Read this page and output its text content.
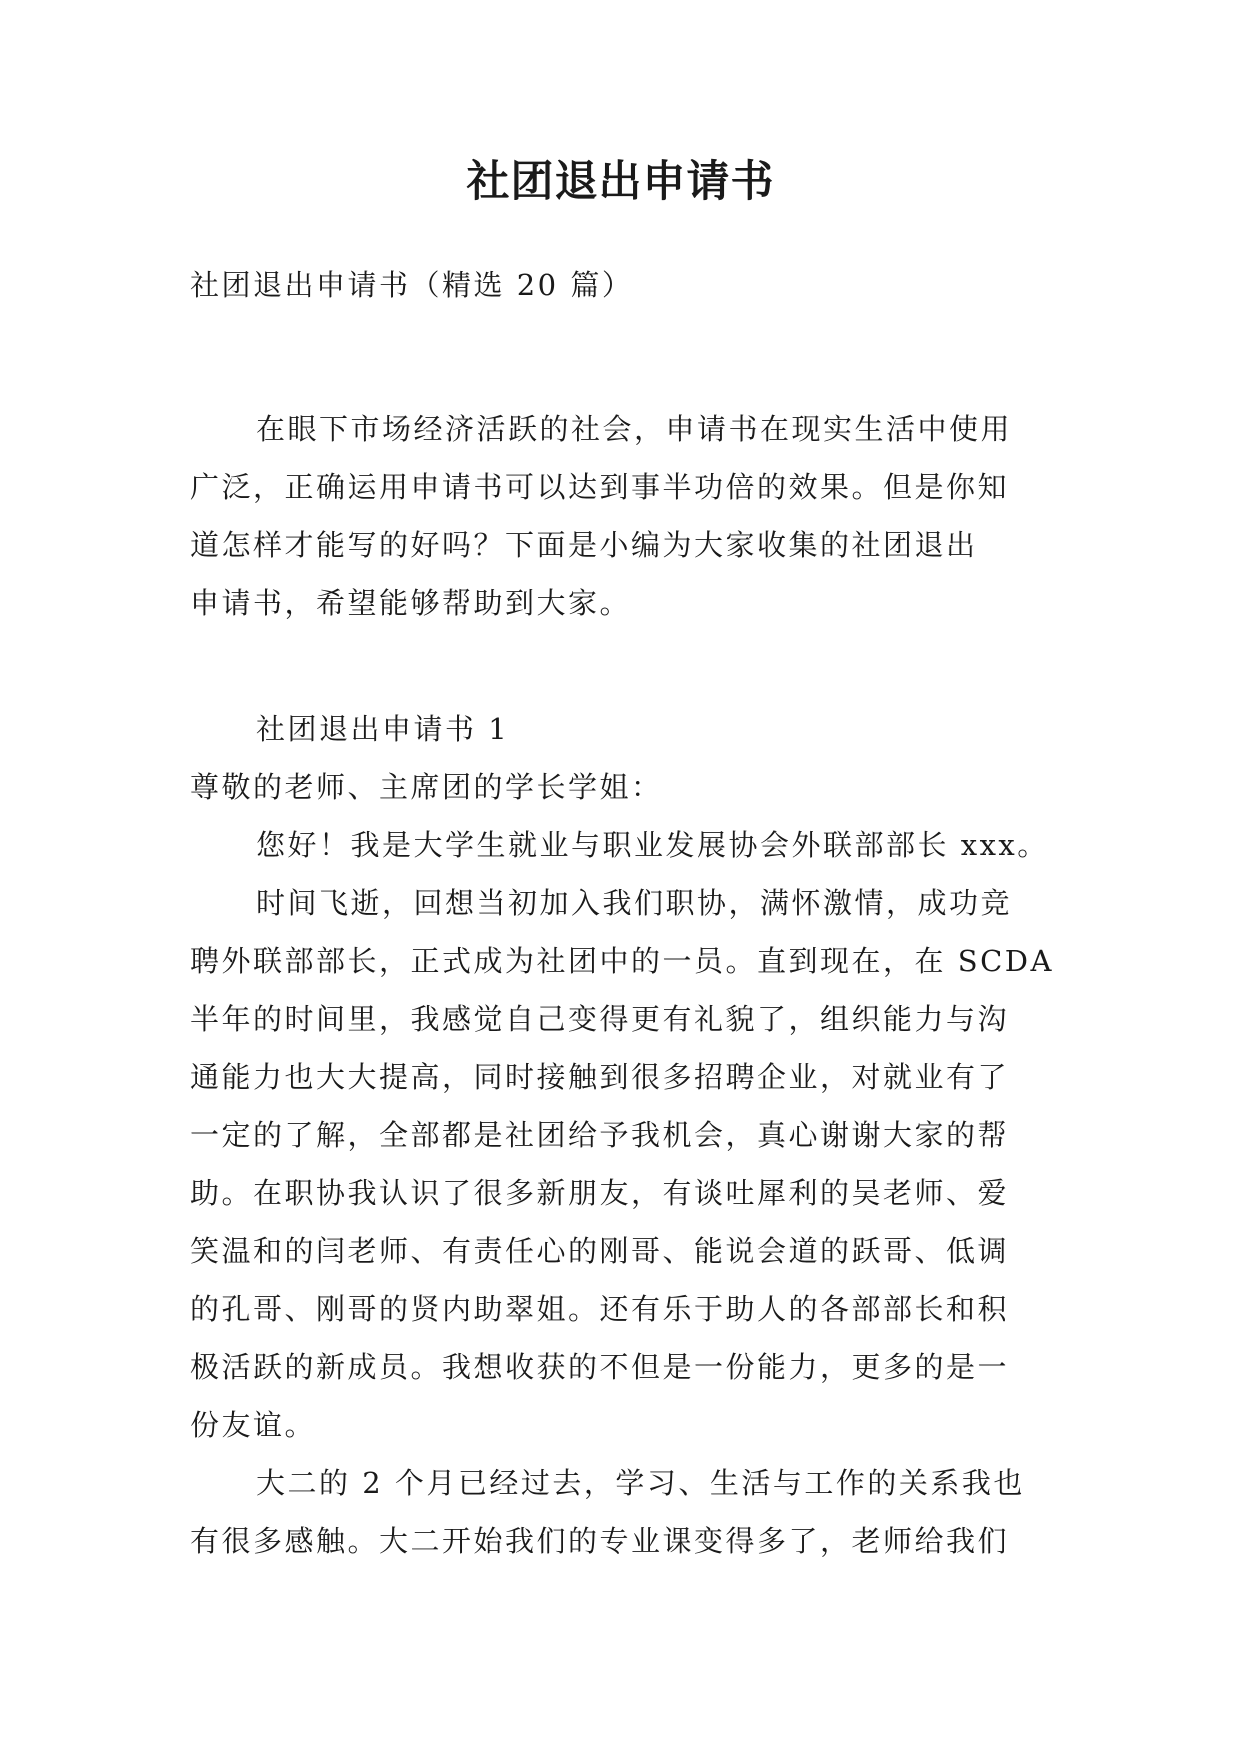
社团退出申请书
社团退出申请书（精选 20 篇）
在眼下市场经济活跃的社会，申请书在现实生活中使用
广泛，正确运用申请书可以达到事半功倍的效果。但是你知
道怎样才能写的好吗？下面是小编为大家收集的社团退出
申请书，希望能够帮助到大家。
社团退出申请书 1
尊敬的老师、主席团的学长学姐：
您好！我是大学生就业与职业发展协会外联部部长 xxx。
时间飞逝，回想当初加入我们职协，满怀激情，成功竞
聘外联部部长，正式成为社团中的一员。直到现在，在 SCDA
半年的时间里，我感觉自己变得更有礼貌了，组织能力与沟
通能力也大大提高，同时接触到很多招聘企业，对就业有了
一定的了解，全部都是社团给予我机会，真心谢谢大家的帮
助。在职协我认识了很多新朋友，有谈吐犀利的吴老师、爱
笑温和的闫老师、有责任心的刚哥、能说会道的跃哥、低调
的孔哥、刚哥的贤内助翠姐。还有乐于助人的各部部长和积
极活跃的新成员。我想收获的不但是一份能力，更多的是一
份友谊。
大二的 2 个月已经过去，学习、生活与工作的关系我也
有很多感触。大二开始我们的专业课变得多了，老师给我们
